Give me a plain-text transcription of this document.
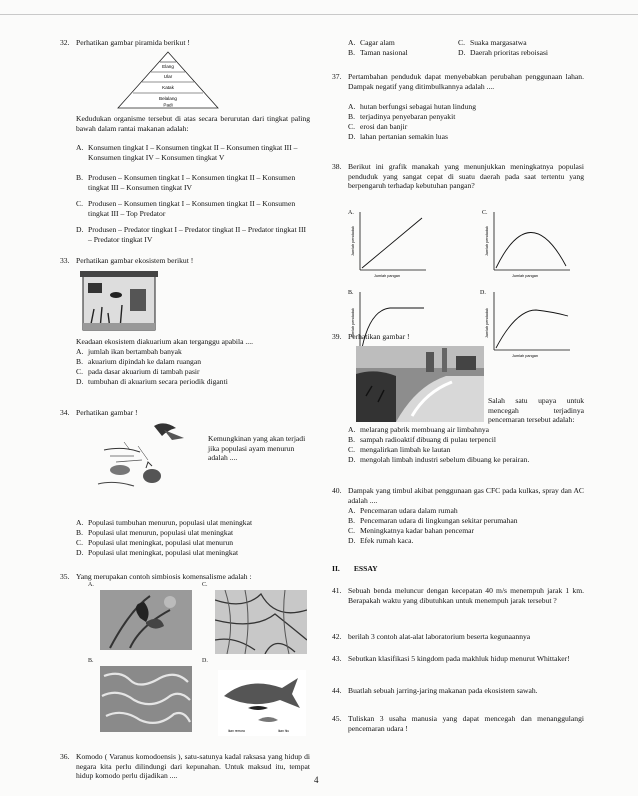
32. Perhatikan gambar piramida berikut !
Elang
Ular
Katak
Belalang
Padi
Kedudukan organisme tersebut di atas secara berurutan dari tingkat paling bawah dalam rantai makanan adalah:
A. Konsumen tingkat I – Konsumen tingkat II – Konsumen tingkat III – Konsumen tingkat IV – Konsumen tingkat V
B. Produsen – Konsumen tingkat I – Konsumen tingkat II – Konsumen tingkat III – Konsumen tingkat IV
C. Produsen – Konsumen tingkat I – Konsumen tingkat II – Konsumen tingkat III – Top Predator
D. Produsen – Predator tingkat I – Predator tingkat II – Predator tingkat III – Predator tingkat IV
33. Perhatikan gambar ekosistem berikut !
Keadaan ekosistem diakuarium akan terganggu apabila ....
A. jumlah ikan bertambah banyak
B. akuarium dipindah ke dalam ruangan
C. pada dasar akuarium di tambah pasir
D. tumbuhan di akuarium secara periodik diganti
34. Perhatikan gambar !
Kemungkinan yang akan terjadi jika populasi ayam menurun adalah ....
A. Populasi tumbuhan menurun, populasi ulat meningkat
B. Populasi ulat menurun, populasi ulat meningkat
C. Populasi ulat meningkat, populasi ulat menurun
D. Populasi ulat meningkat, populasi ulat meningkat
35. Yang merupakan contoh simbiosis komensalisme adalah :
A.	C.
B.	D.
ikan remora	ikan hiu
36. Komodo ( Varanus komodoensis ), satu-satunya kadal raksasa yang hidup di negara kita perlu dilindungi dari kepunahan. Untuk maksud itu, tempat hidup komodo perlu dijadikan ....
A. Cagar alam	C. Suaka margasatwa
B. Taman nasional	D. Daerah prioritas reboisasi
37. Pertambahan penduduk dapat menyebabkan perubahan penggunaan lahan. Dampak negatif yang ditimbulkannya adalah ....
A. hutan berfungsi sebagai hutan lindung
B. terjadinya penyebaran penyakit
C. erosi dan banjir
D. lahan pertanian semakin luas
38. Berikut ini grafik manakah yang menunjukkan meningkatnya populasi penduduk yang sangat cepat di suatu daerah pada saat tertentu yang berpengaruh terhadap kebutuhan pangan?
A.
Jumlah penduduk
Jumlah pangan
C.
Jumlah penduduk
Jumlah pangan
B.
Jumlah penduduk
D.
Jumlah penduduk
Jumlah pangan
39. Perhatikan gambar !
Salah satu upaya untuk mencegah terjadinya pencemaran tersebut adalah:
A. melarang pabrik membuang air limbahnya
B. sampah radioaktif dibuang di pulau terpencil
C. mengalirkan limbah ke lautan
D. mengolah limbah industri sebelum dibuang ke perairan.
40. Dampak yang timbul akibat penggunaan gas CFC pada kulkas, spray dan AC adalah ....
A. Pencemaran udara dalam rumah
B. Pencemaran udara di lingkungan sekitar perumahan
C. Meningkatnya kadar bahan pencemar
D. Efek rumah kaca.
II. ESSAY
41. Sebuah benda meluncur dengan kecepatan 40 m/s menempuh jarak 1 km. Berapakah waktu yang dibutuhkan untuk menempuh jarak tersebut ?
42. berilah 3 contoh alat-alat laboratorium beserta kegunaannya
43. Sebutkan klasifikasi 5 kingdom pada makhluk hidup menurut Whittaker!
44. Buatlah sebuah jarring-jaring makanan pada ekosistem sawah.
45. Tuliskan 3 usaha manusia yang dapat mencegah dan menanggulangi pencemaran udara !
4
